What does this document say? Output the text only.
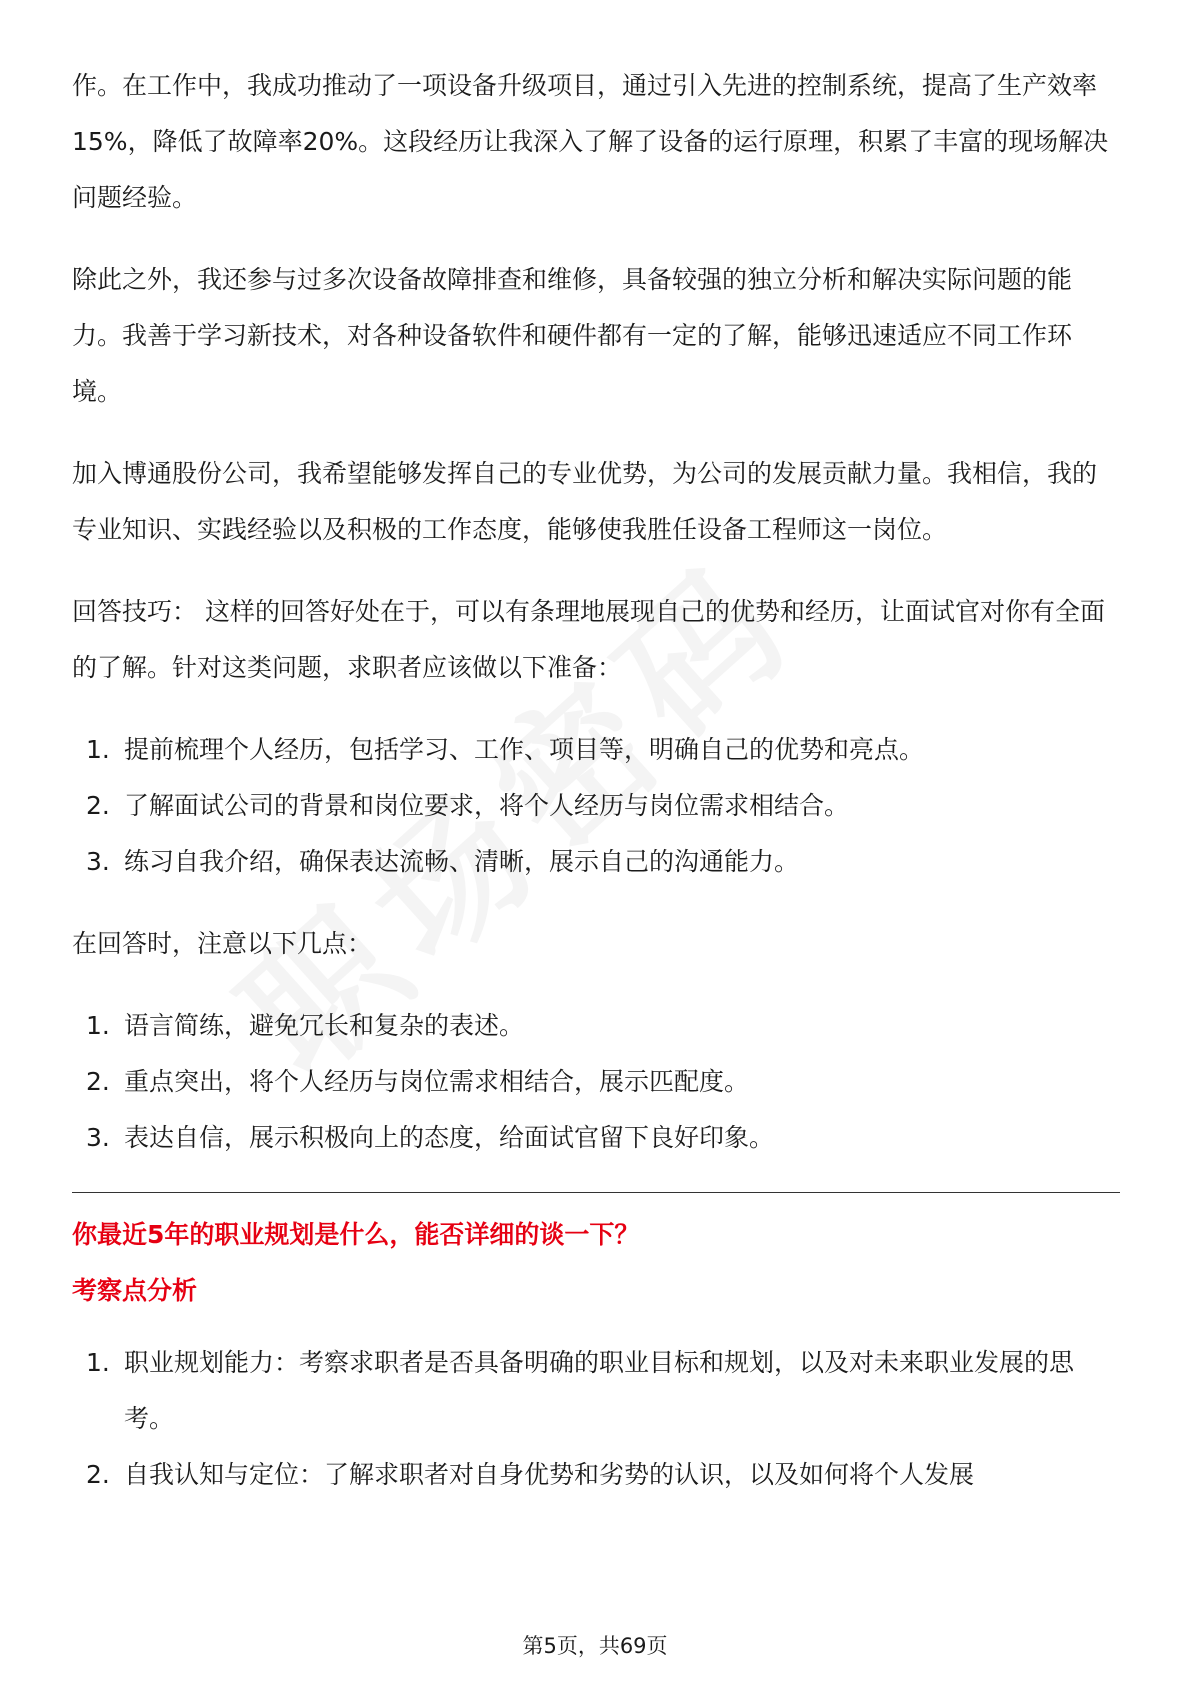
作。在工作中，我成功推动了一项设备升级项目，通过引入先进的控制系统，提高了生产效率15%，降低了故障率20%。这段经历让我深入了解了设备的运行原理，积累了丰富的现场解决问题经验。

除此之外，我还参与过多次设备故障排查和维修，具备较强的独立分析和解决实际问题的能力。我善于学习新技术，对各种设备软件和硬件都有一定的了解，能够迅速适应不同工作环境。

加入博通股份公司，我希望能够发挥自己的专业优势，为公司的发展贡献力量。我相信，我的专业知识、实践经验以及积极的工作态度，能够使我胜任设备工程师这一岗位。

回答技巧： 这样的回答好处在于，可以有条理地展现自己的优势和经历，让面试官对你有全面的了解。针对这类问题，求职者应该做以下准备：

1. 提前梳理个人经历，包括学习、工作、项目等，明确自己的优势和亮点。
2. 了解面试公司的背景和岗位要求，将个人经历与岗位需求相结合。
3. 练习自我介绍，确保表达流畅、清晰，展示自己的沟通能力。

在回答时，注意以下几点：

1. 语言简练，避免冗长和复杂的表述。
2. 重点突出，将个人经历与岗位需求相结合，展示匹配度。
3. 表达自信，展示积极向上的态度，给面试官留下良好印象。
你最近5年的职业规划是什么，能否详细的谈一下？
考察点分析
1. 职业规划能力：考察求职者是否具备明确的职业目标和规划，以及对未来职业发展的思考。
2. 自我认知与定位：了解求职者对自身优势和劣势的认识，以及如何将个人发展
第5页，共69页
